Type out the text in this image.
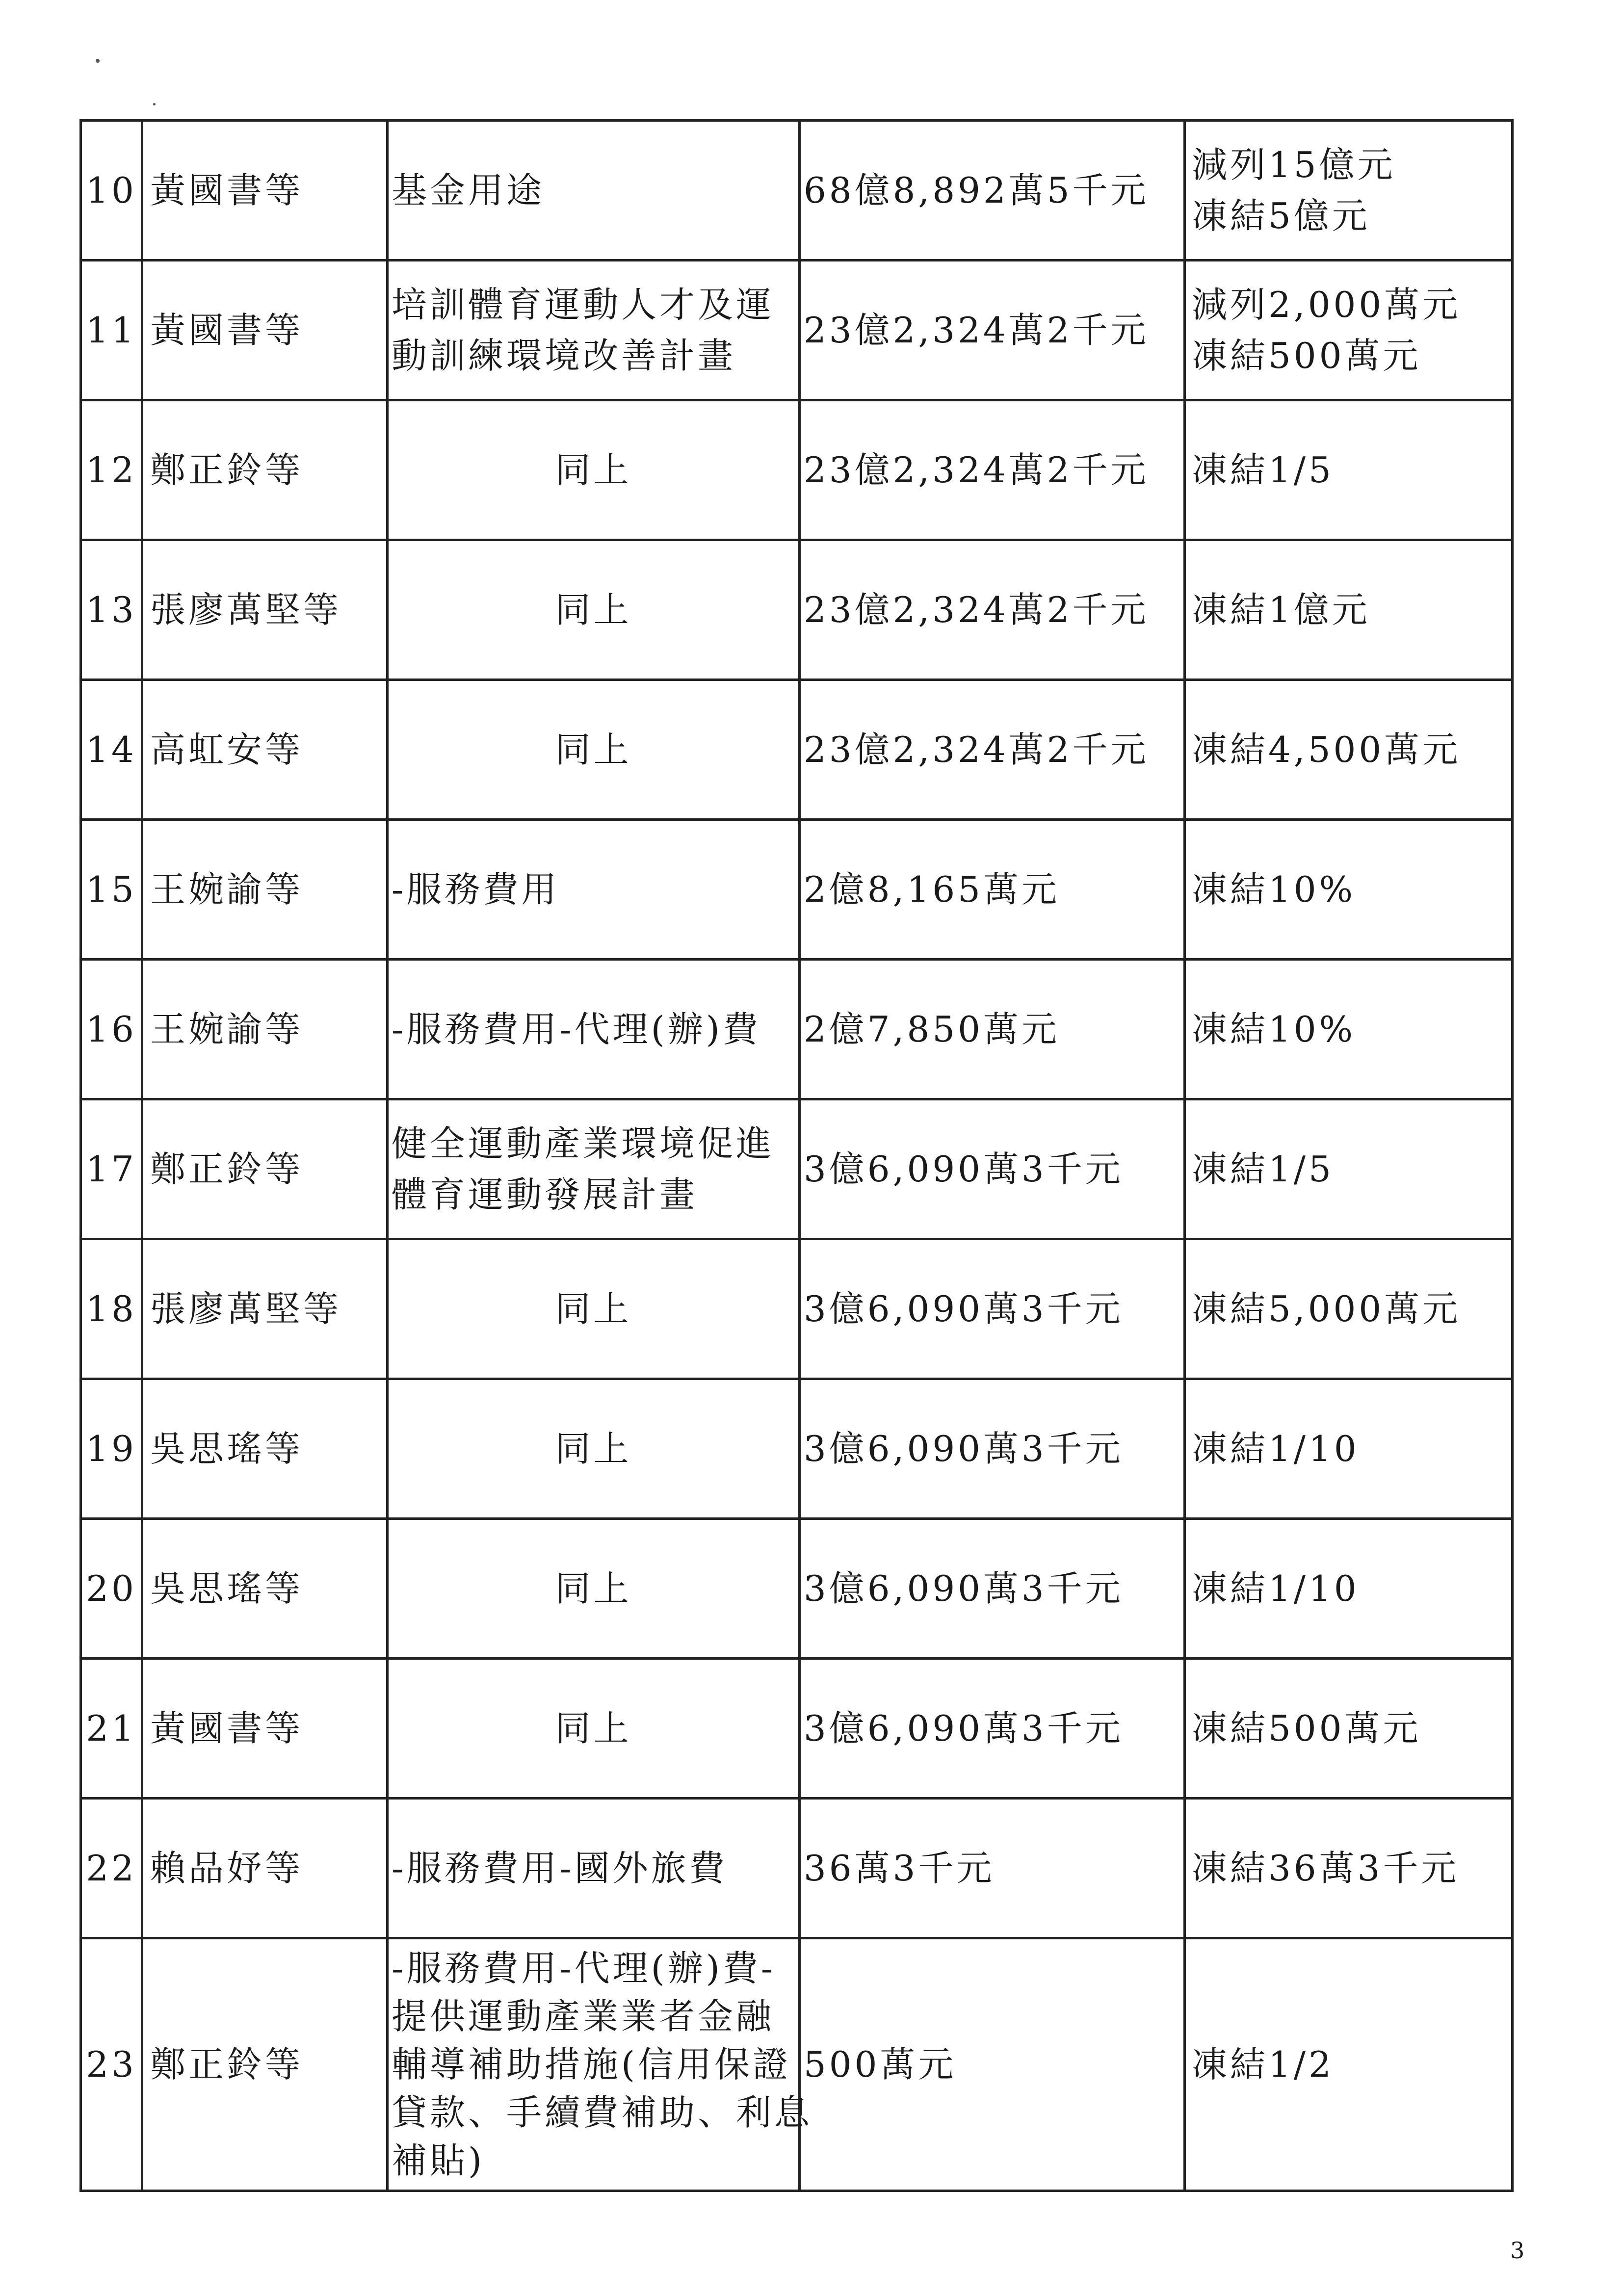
10	黃國書等	基金用途	68億8,892萬5千元	減列15億元
凍結5億元

11	黃國書等	培訓體育運動人才及運
動訓練環境改善計畫	23億2,324萬2千元	減列2,000萬元
凍結500萬元

12	鄭正鈴等	同上	23億2,324萬2千元	凍結1/5

13	張廖萬堅等	同上	23億2,324萬2千元	凍結1億元

14	高虹安等	同上	23億2,324萬2千元	凍結4,500萬元

15	王婉諭等	-服務費用	2億8,165萬元	凍結10%

16	王婉諭等	-服務費用-代理(辦)費	2億7,850萬元	凍結10%

17	鄭正鈴等	健全運動產業環境促進
體育運動發展計畫	3億6,090萬3千元	凍結1/5

18	張廖萬堅等	同上	3億6,090萬3千元	凍結5,000萬元

19	吳思瑤等	同上	3億6,090萬3千元	凍結1/10

20	吳思瑤等	同上	3億6,090萬3千元	凍結1/10

21	黃國書等	同上	3億6,090萬3千元	凍結500萬元

22	賴品妤等	-服務費用-國外旅費	36萬3千元	凍結36萬3千元

23	鄭正鈴等	-服務費用-代理(辦)費-
提供運動產業業者金融
輔導補助措施(信用保證
貸款、手續費補助、利息
補貼)	500萬元	凍結1/2
3
